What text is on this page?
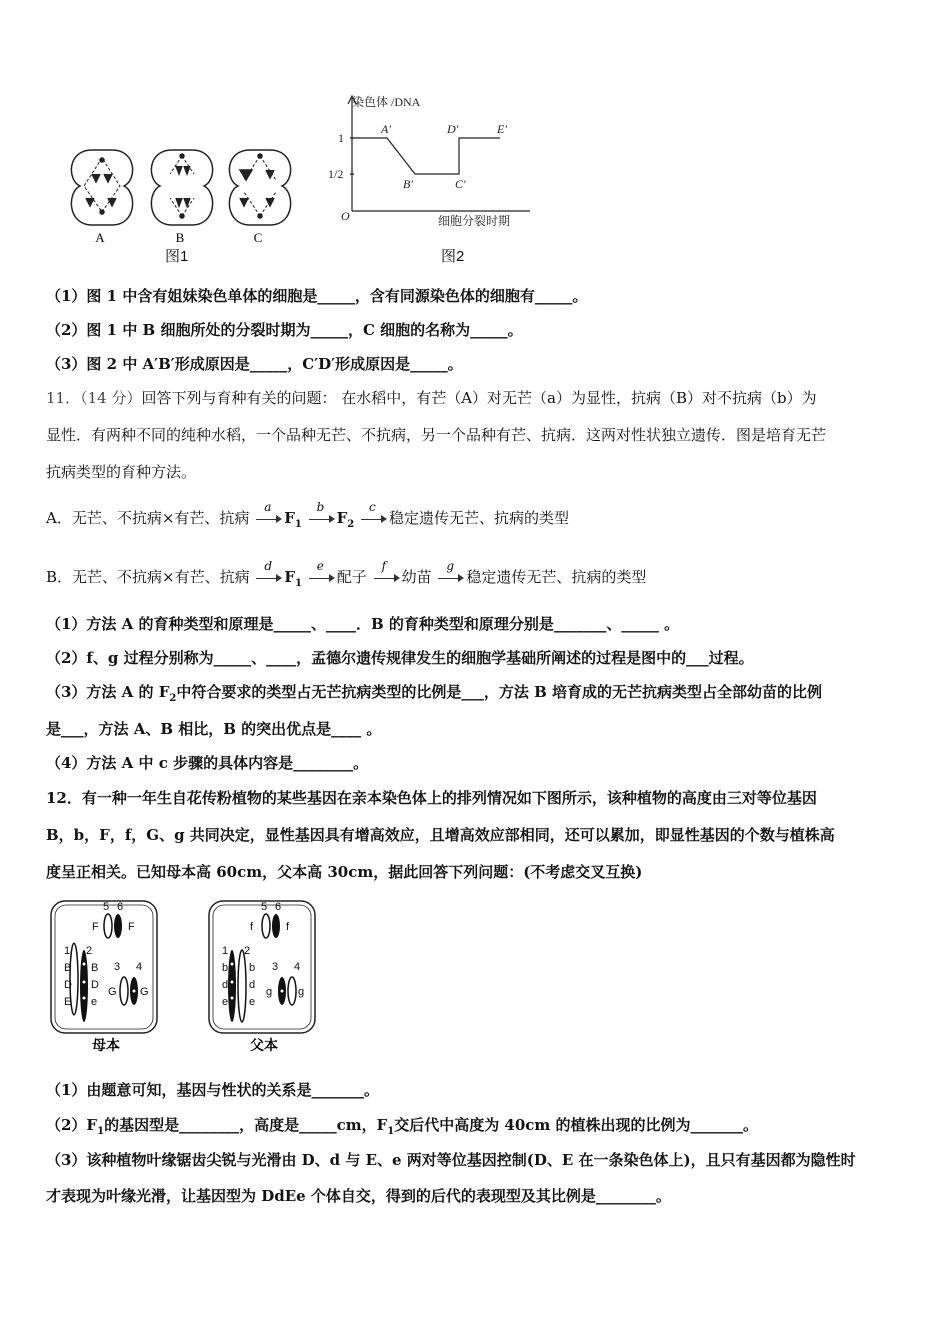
A	B	C
图1
染色体 /DNA
细胞分裂时期
O
1
1/2
A′
B′	C′
D′	E′
图2
（1）图 1 中含有姐妹染色单体的细胞是_____，含有同源染色体的细胞有_____。
（2）图 1 中 B 细胞所处的分裂时期为_____，C 细胞的名称为_____。
（3）图 2 中 A′B′形成原因是_____，C′D′形成原因是_____。
11．（14 分）回答下列与育种有关的问题： 在水稻中，有芒（A）对无芒（a）为显性，抗病（B）对不抗病（b）为
显性．有两种不同的纯种水稻，一个品种无芒、不抗病，另一个品种有芒、抗病．这两对性状独立遗传．图是培育无芒
抗病类型的育种方法。
A．无芒、不抗病×有芒、抗病
a
$F_1$
b
$F_2$
c
稳定遗传无芒、抗病的类型
B．无芒、不抗病×有芒、抗病
d
$F_1$
e
配子
f
幼苗
g
稳定遗传无芒、抗病的类型
（1）方法 A 的育种类型和原理是_____、____．B 的育种类型和原理分别是_______、_____ 。
（2）f、g 过程分别称为_____、____，孟德尔遗传规律发生的细胞学基础所阐述的过程是图中的___过程。
（3）方法 A 的 $F_2$中符合要求的类型占无芒抗病类型的比例是___，方法 B 培育成的无芒抗病类型占全部幼苗的比例
是___，方法 A、B 相比，B 的突出优点是____ 。
（4）方法 A 中 c 步骤的具体内容是________。
12．有一种一年生自花传粉植物的某些基因在亲本染色体上的排列情况如下图所示，该种植物的高度由三对等位基因
B，b，F，f，G、g 共同决定，显性基因具有增高效应，且增高效应部相同，还可以累加，即显性基因的个数与植株高
度呈正相关。已知母本高 60cm，父本高 30cm，据此回答下列问题：(不考虑交叉互换)
5 6
F	F
1 2
B B
D D
E e
3 4
G G
5 6
f	f
1 2
b b
d d
e e
3 4
g g
母本	父本
（1）由题意可知，基因与性状的关系是_______。
$(2)F_1$的基因型是________，高度是_____cm，$F_1$交后代中高度为 40cm 的植株出现的比例为_______。
（3）该种植物叶缘锯齿尖锐与光滑由 D、d 与 E、e 两对等位基因控制(D、E 在一条染色体上)，且只有基因都为隐性时
才表现为叶缘光滑，让基因型为 DdEe 个体自交，得到的后代的表现型及其比例是________。
